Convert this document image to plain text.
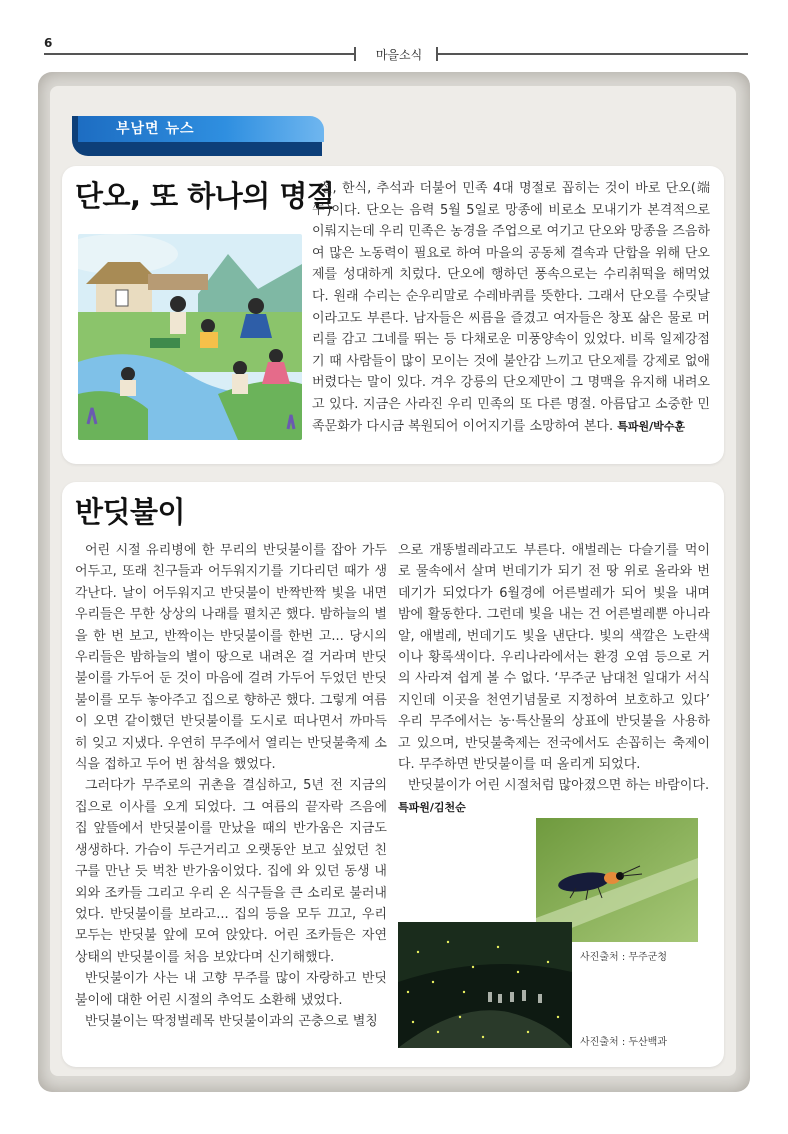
6
마을소식
부남면 뉴스
단오, 또 하나의 명절

설, 한식, 추석과 더불어 민족 4대 명절로 꼽히는 것이 바로 단오(端午)이다. 단오는 음력 5월 5일로 망종에 비로소 모내기가 본격적으로 이뤄지는데 우리 민족은 농경을 주업으로 여기고 단오와 망종을 즈음하여 많은 노동력이 필요로 하여 마을의 공동체 결속과 단합을 위해 단오제를 성대하게 치렀다. 단오에 행하던 풍속으로는 수리취떡을 해먹었다. 원래 수리는 순우리말로 수레바퀴를 뜻한다. 그래서 단오를 수릿날이라고도 부른다. 남자들은 씨름을 즐겼고 여자들은 창포 삶은 물로 머리를 감고 그네를 뛰는 등 다채로운 미풍양속이 있었다. 비록 일제강점기 때 사람들이 많이 모이는 것에 불안감 느끼고 단오제를 강제로 없애버렸다는 말이 있다. 겨우 강릉의 단오제만이 그 명맥을 유지해 내려오고 있다. 지금은 사라진 우리 민족의 또 다른 명절. 아름답고 소중한 민족문화가 다시금 복원되어 이어지기를 소망하여 본다. 특파원/박수훈

반딧불이

어린 시절 유리병에 한 무리의 반딧불이를 잡아 가두어두고, 또래 친구들과 어두워지기를 기다리던 때가 생각난다. 날이 어두워지고 반딧불이 반짝반짝 빛을 내면 우리들은 무한 상상의 나래를 펼치곤 했다. 밤하늘의 별을 한 번 보고, 반짝이는 반딧불이를 한번 고... 당시의 우리들은 밤하늘의 별이 땅으로 내려온 걸 거라며 반딧불이를 가두어 둔 것이 마음에 걸려 가두어 두었던 반딧불이를 모두 놓아주고 집으로 향하곤 했다. 그렇게 여름이 오면 같이했던 반딧불이를 도시로 떠나면서 까마득히 잊고 지냈다. 우연히 무주에서 열리는 반딧불축제 소식을 접하고 두어 번 참석을 했었다.

그러다가 무주로의 귀촌을 결심하고, 5년 전 지금의 집으로 이사를 오게 되었다. 그 여름의 끝자락 즈음에 집 앞뜰에서 반딧불이를 만났을 때의 반가움은 지금도 생생하다. 가슴이 두근거리고 오랫동안 보고 싶었던 친구를 만난 듯 벅찬 반가움이었다. 집에 와 있던 동생 내외와 조카들 그리고 우리 온 식구들을 큰 소리로 불러내었다. 반딧불이를 보라고... 집의 등을 모두 끄고, 우리 모두는 반딧불 앞에 모여 앉았다. 어린 조카들은 자연 상태의 반딧불이를 처음 보았다며 신기해했다.

반딧불이가 사는 내 고향 무주를 많이 자랑하고 반딧불이에 대한 어린 시절의 추억도 소환해 냈었다.

반딧불이는 딱정벌레목 반딧불이과의 곤충으로 별칭

으로 개똥벌레라고도 부른다. 애벌레는 다슬기를 먹이로 물속에서 살며 번데기가 되기 전 땅 위로 올라와 번데기가 되었다가 6월경에 어른벌레가 되어 빛을 내며 밤에 활동한다. 그런데 빛을 내는 건 어른벌레뿐 아니라 알, 애벌레, 번데기도 빛을 낸단다. 빛의 색깔은 노란색이나 황록색이다. 우리나라에서는 환경 오염 등으로 거의 사라져 쉽게 볼 수 없다. ‘무주군 남대천 일대가 서식지인데 이곳을 천연기념물로 지정하여 보호하고 있다’ 우리 무주에서는 농·특산물의 상표에 반딧불을 사용하고 있으며, 반딧불축제는 전국에서도 손꼽히는 축제이다. 무주하면 반딧불이를 떠 올리게 되었다.

반딧불이가 어린 시절처럼 많아졌으면 하는 바람이다.

특파원/김천순

사진출처 : 무주군청
사진출처 : 두산백과
